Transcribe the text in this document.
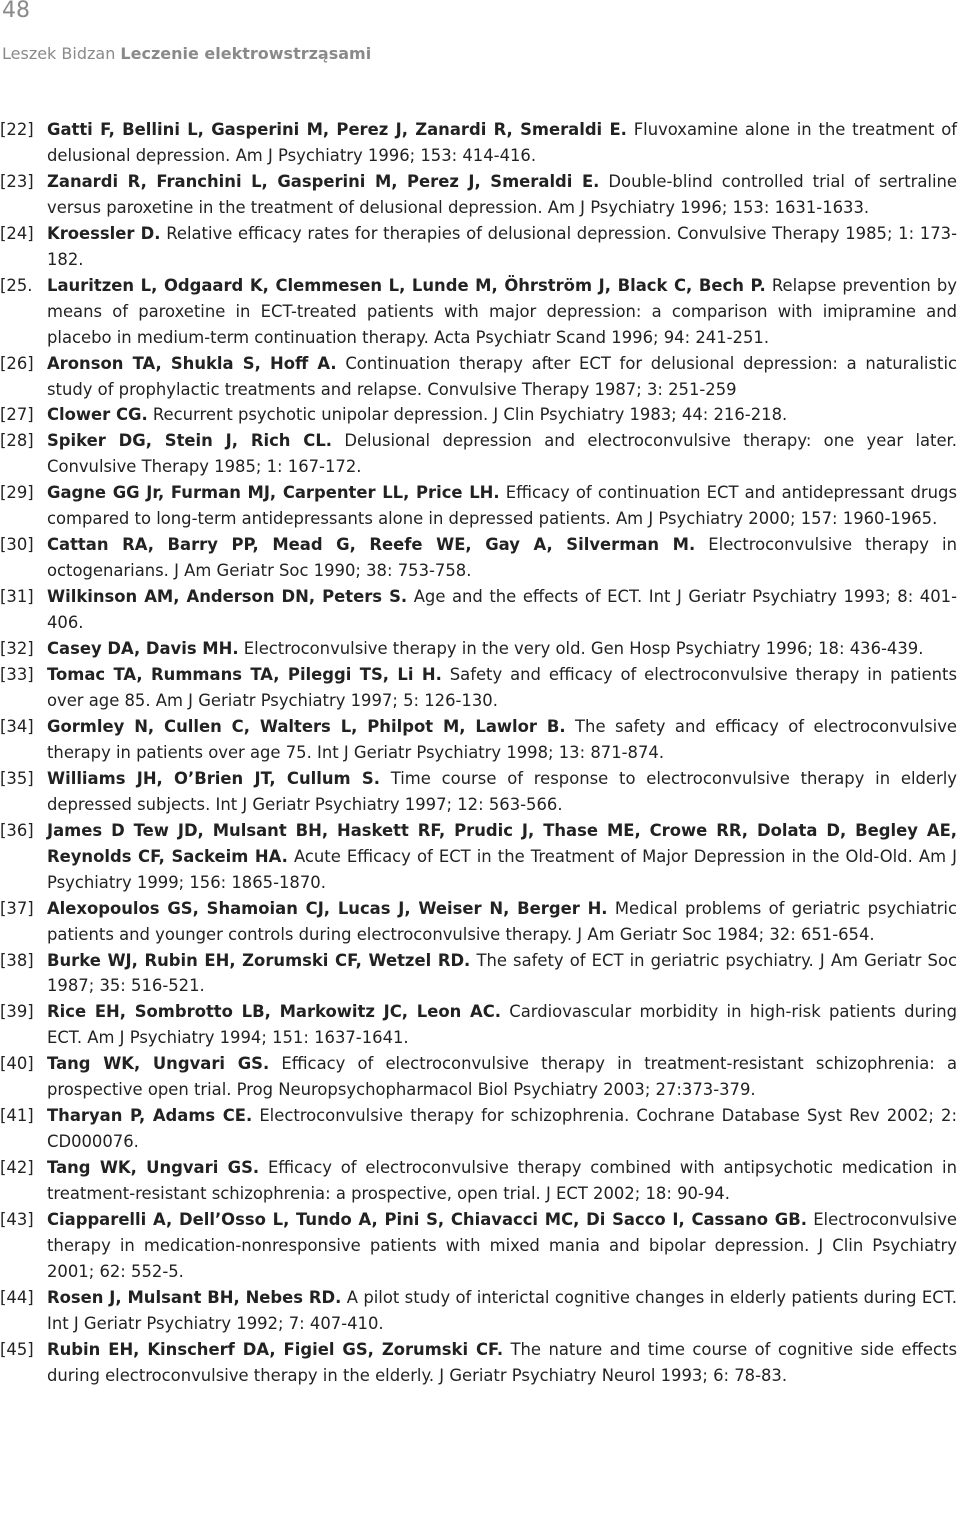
48
Leszek Bidzan Leczenie elektrowstrząsami
[22] Gatti F, Bellini L, Gasperini M, Perez J, Zanardi R, Smeraldi E. Fluvoxamine alone in the treatment of delusional depression. Am J Psychiatry 1996; 153: 414-416.
[23] Zanardi R, Franchini L, Gasperini M, Perez J, Smeraldi E. Double-blind controlled trial of sertraline versus paroxetine in the treatment of delusional depression. Am J Psychiatry 1996; 153: 1631-1633.
[24] Kroessler D. Relative efficacy rates for therapies of delusional depression. Convulsive Therapy 1985; 1: 173-182.
[25. Lauritzen L, Odgaard K, Clemmesen L, Lunde M, Öhrström J, Black C, Bech P. Relapse prevention by means of paroxetine in ECT-treated patients with major depression: a comparison with imipramine and placebo in medium-term continuation therapy. Acta Psychiatr Scand 1996; 94: 241-251.
[26] Aronson TA, Shukla S, Hoff A. Continuation therapy after ECT for delusional depression: a naturalistic study of prophylactic treatments and relapse. Convulsive Therapy 1987; 3: 251-259
[27] Clower CG. Recurrent psychotic unipolar depression. J Clin Psychiatry 1983; 44: 216-218.
[28] Spiker DG, Stein J, Rich CL. Delusional depression and electroconvulsive therapy: one year later. Convulsive Therapy 1985; 1: 167-172.
[29] Gagne GG Jr, Furman MJ, Carpenter LL, Price LH. Efficacy of continuation ECT and antidepressant drugs compared to long-term antidepressants alone in depressed patients. Am J Psychiatry 2000; 157: 1960-1965.
[30] Cattan RA, Barry PP, Mead G, Reefe WE, Gay A, Silverman M. Electroconvulsive therapy in octogenarians. J Am Geriatr Soc 1990; 38: 753-758.
[31] Wilkinson AM, Anderson DN, Peters S. Age and the effects of ECT. Int J Geriatr Psychiatry 1993; 8: 401-406.
[32] Casey DA, Davis MH. Electroconvulsive therapy in the very old. Gen Hosp Psychiatry 1996; 18: 436-439.
[33] Tomac TA, Rummans TA, Pileggi TS, Li H. Safety and efficacy of electroconvulsive therapy in patients over age 85. Am J Geriatr Psychiatry 1997; 5: 126-130.
[34] Gormley N, Cullen C, Walters L, Philpot M, Lawlor B. The safety and efficacy of electroconvulsive therapy in patients over age 75. Int J Geriatr Psychiatry 1998; 13: 871-874.
[35] Williams JH, O’Brien JT, Cullum S. Time course of response to electroconvulsive therapy in elderly depressed subjects. Int J Geriatr Psychiatry 1997; 12: 563-566.
[36] James D Tew JD, Mulsant BH, Haskett RF, Prudic J, Thase ME, Crowe RR, Dolata D, Begley AE, Reynolds CF, Sackeim HA. Acute Efficacy of ECT in the Treatment of Major Depression in the Old-Old. Am J Psychiatry 1999; 156: 1865-1870.
[37] Alexopoulos GS, Shamoian CJ, Lucas J, Weiser N, Berger H. Medical problems of geriatric psychiatric patients and younger controls during electroconvulsive therapy. J Am Geriatr Soc 1984; 32: 651-654.
[38] Burke WJ, Rubin EH, Zorumski CF, Wetzel RD. The safety of ECT in geriatric psychiatry. J Am Geriatr Soc 1987; 35: 516-521.
[39] Rice EH, Sombrotto LB, Markowitz JC, Leon AC. Cardiovascular morbidity in high-risk patients during ECT. Am J Psychiatry 1994; 151: 1637-1641.
[40] Tang WK, Ungvari GS. Efficacy of electroconvulsive therapy in treatment-resistant schizophrenia: a prospective open trial. Prog Neuropsychopharmacol Biol Psychiatry 2003; 27:373-379.
[41] Tharyan P, Adams CE. Electroconvulsive therapy for schizophrenia. Cochrane Database Syst Rev 2002; 2: CD000076.
[42] Tang WK, Ungvari GS. Efficacy of electroconvulsive therapy combined with antipsychotic medication in treatment-resistant schizophrenia: a prospective, open trial. J ECT 2002; 18: 90-94.
[43] Ciapparelli A, Dell’Osso L, Tundo A, Pini S, Chiavacci MC, Di Sacco I, Cassano GB. Electroconvulsive therapy in medication-nonresponsive patients with mixed mania and bipolar depression. J Clin Psychiatry 2001; 62: 552-5.
[44] Rosen J, Mulsant BH, Nebes RD. A pilot study of interictal cognitive changes in elderly patients during ECT. Int J Geriatr Psychiatry 1992; 7: 407-410.
[45] Rubin EH, Kinscherf DA, Figiel GS, Zorumski CF. The nature and time course of cognitive side effects during electroconvulsive therapy in the elderly. J Geriatr Psychiatry Neurol 1993; 6: 78-83.
